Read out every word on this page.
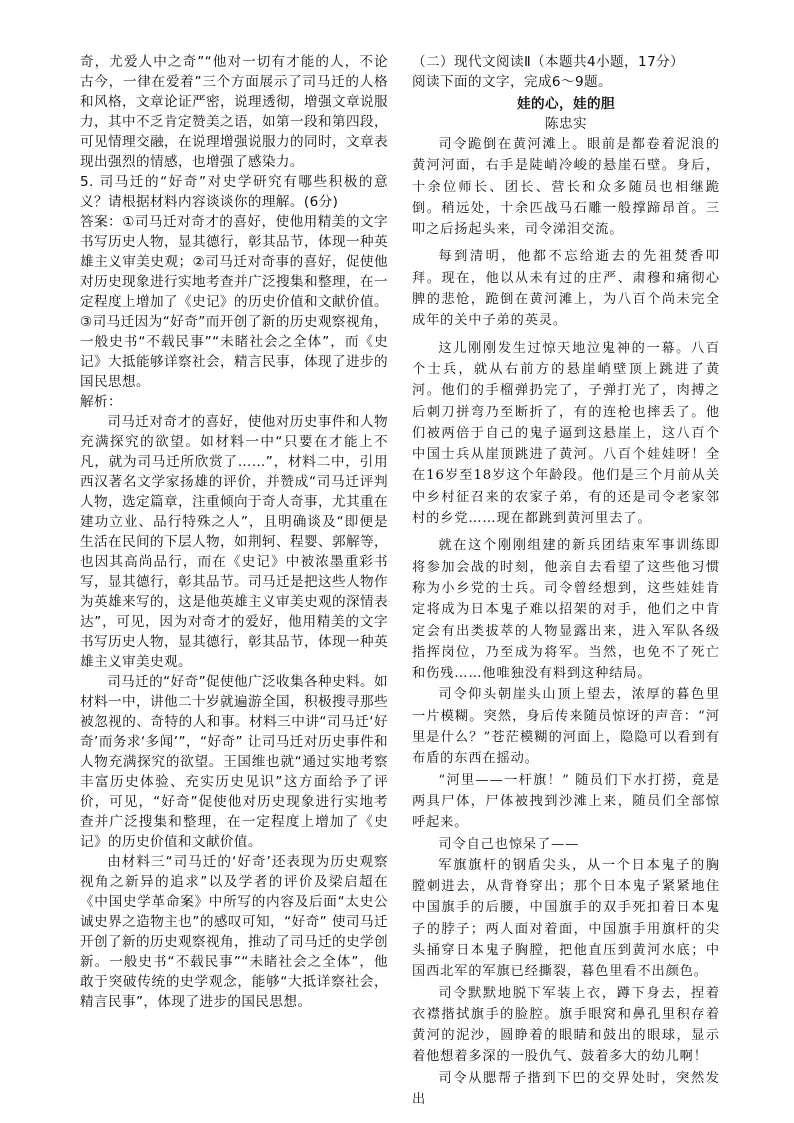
奇，尤爱人中之奇”“他对一切有才能的人，不论古今，一律在爱着”三个方面展示了司马迁的人格和风格，文章论证严密，说理透彻，增强文章说服力，其中不乏肯定赞美之语，如第一段和第四段，可见情理交融，在说理增强说服力的同时，文章表现出强烈的情感，也增强了感染力。

5. 司马迁的“好奇”对史学研究有哪些积极的意义？请根据材料内容谈谈你的理解。(6分)

答案：①司马迁对奇才的喜好，使他用精美的文字书写历史人物，显其德行，彰其品节，体现一种英雄主义审美史观；②司马迁对奇事的喜好，促使他对历史现象进行实地考查并广泛搜集和整理，在一定程度上增加了《史记》的历史价值和文献价值。③司马迁因为“好奇”而开创了新的历史观察视角，一般史书“不载民事”“未睹社会之全体”，而《史记》大抵能够详察社会，精言民事，体现了进步的国民思想。

解析：

司马迁对奇才的喜好，使他对历史事件和人物充满探究的欲望。如材料一中“只要在才能上不凡，就为司马迁所欣赏了……”，材料二中，引用西汉著名文学家扬雄的评价，并赞成“司马迁评判人物，选定篇章，注重倾向于奇人奇事，尤其重在建功立业、品行特殊之人”，且明确谈及“即便是生活在民间的下层人物，如荆轲、程婴、郭解等，也因其高尚品行，而在《史记》中被浓墨重彩书写，显其德行，彰其品节。司马迁是把这些人物作为英雄来写的，这是他英雄主义审美史观的深情表达”，可见，因为对奇才的爱好，他用精美的文字书写历史人物，显其德行，彰其品节，体现一种英雄主义审美史观。

司马迁的“好奇”促使他广泛收集各种史料。如材料一中，讲他二十岁就遍游全国，积极搜寻那些被忽视的、奇特的人和事。材料三中讲“司马迁‘好奇’而务求‘多闻’”，“好奇” 让司马迁对历史事件和人物充满探究的欲望。王国维也就“通过实地考察丰富历史体验、充实历史见识”这方面给予了评价，可见，“好奇”促使他对历史现象进行实地考查并广泛搜集和整理，在一定程度上增加了《史记》的历史价值和文献价值。

由材料三“司马迁的‘好奇’还表现为历史观察视角之新异的追求”以及学者的评价及梁启超在《中国史学革命案》中所写的内容及后面“太史公诚史界之造物主也”的感叹可知，“好奇” 使司马迁开创了新的历史观察视角，推动了司马迁的史学创新。一般史书“不载民事”“未睹社会之全体”，他敢于突破传统的史学观念，能够“大抵详察社会，精言民事”，体现了进步的国民思想。

（二）现代文阅读Ⅱ（本题共4小题，17分）

阅读下面的文字，完成6～9题。

娃的心，娃的胆

陈忠实

司令跪倒在黄河滩上。眼前是都卷着泥浪的黄河河面，右手是陡峭冷峻的悬崖石壁。身后，十余位师长、团长、营长和众多随员也相继跪倒。稍远处，十余匹战马石雕一般撑蹄昂首。三叩之后扬起头来，司令涕泪交流。

每到清明，他都不忘给逝去的先祖焚香叩拜。现在，他以从未有过的庄严、肃穆和痛彻心脾的悲怆，跪倒在黄河滩上，为八百个尚未完全成年的关中子弟的英灵。

这儿刚刚发生过惊天地泣鬼神的一幕。八百个士兵，就从右前方的悬崖峭壁顶上跳进了黄河。他们的手榴弹扔完了，子弹打光了，肉搏之后刺刀拼弯乃至断折了，有的连枪也摔丢了。他们被两倍于自己的鬼子逼到这悬崖上，这八百个中国士兵从崖顶跳进了黄河。八百个娃娃呀！全在16岁至18岁这个年龄段。他们是三个月前从关中乡村征召来的农家子弟，有的还是司令老家邻村的乡党……现在都跳到黄河里去了。

就在这个刚刚组建的新兵团结束军事训练即将参加会战的时刻，他亲自去看望了这些他习惯称为小乡党的士兵。司令曾经想到，这些娃娃肯定将成为日本鬼子难以招架的对手，他们之中肯定会有出类拔萃的人物显露出来，进入军队各级指挥岗位，乃至成为将军。当然，也免不了死亡和伤残……他唯独没有料到这种结局。

司令仰头朝崖头山顶上望去，浓厚的暮色里一片模糊。突然，身后传来随员惊讶的声音：“河里是什么？”苍茫模糊的河面上，隐隐可以看到有布盾的东西在摇动。

“河里——一杆旗！” 随员们下水打捞，竟是两具尸体，尸体被拽到沙滩上来，随员们全部惊呼起来。

司令自己也惊呆了——

军旗旗杆的钢盾尖头，从一个日本鬼子的胸膛刺进去，从背脊穿出；那个日本鬼子紧紧地住中国旗手的后腰，中国旗手的双手死扣着日本鬼子的脖子；两人面对着面，中国旗手用旗杆的尖头捅穿日本鬼子胸膛，把他直压到黄河水底；中国西北军的军旗已经撕裂，暮色里看不出颜色。

司令默默地脱下军装上衣，蹲下身去，捏着衣襟揩拭旗手的脸腔。旗手眼窝和鼻孔里积存着黄河的泥沙，圆睁着的眼睛和鼓出的眼球，显示着他想着多深的一股仇气、鼓着多大的幼儿啊！

司令从腮帮子揩到下巴的交界处时，突然发出
